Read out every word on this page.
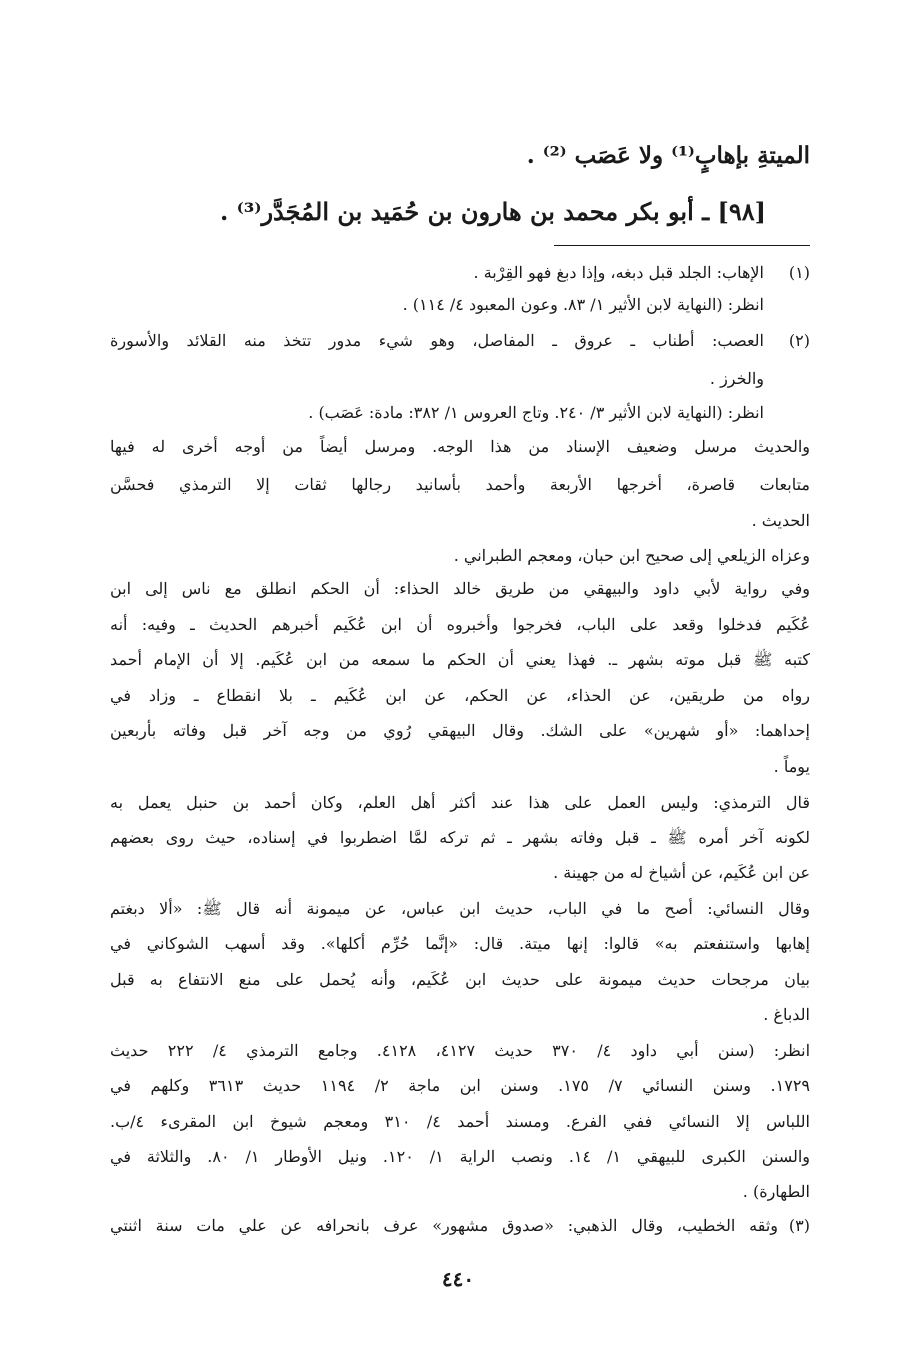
الميتةِ بإهابٍ⁽¹⁾ ولا عَصَب ⁽²⁾ .
[٩٨] ـ أبو بكر محمد بن هارون بن حُمَيد بن المُجَدَّر⁽³⁾ .
(١)
الإهاب: الجلد قبل دبغه، وإذا دبغ فهو القِرْبة .
انظر: (النهاية لابن الأثير ١/ ٨٣. وعون المعبود ٤/ ١١٤) .
(٢)
العصب: أطناب ـ عروق ـ المفاصل، وهو شيء مدور تتخذ منه القلائد والأسورة
والخرز .
انظر: (النهاية لابن الأثير ٣/ ٢٤٠. وتاج العروس ١/ ٣٨٢: مادة: عَصَب) .
والحديث مرسل وضعيف الإسناد من هذا الوجه. ومرسل أيضاً من أوجه أخرى له فيها
متابعات قاصرة، أخرجها الأربعة وأحمد بأسانيد رجالها ثقات إلا الترمذي فحسَّن
الحديث .
وعزاه الزيلعي إلى صحيح ابن حبان، ومعجم الطبراني .
وفي رواية لأبي داود والبيهقي من طريق خالد الحذاء: أن الحكم انطلق مع ناس إلى ابن
عُكَيم فدخلوا وقعد على الباب، فخرجوا وأخبروه أن ابن عُكَيم أخبرهم الحديث ـ وفيه: أنه
كتبه ﷺ قبل موته بشهر ـ. فهذا يعني أن الحكم ما سمعه من ابن عُكَيم. إلا أن الإمام أحمد
رواه من طريقين، عن الحذاء، عن الحكم، عن ابن عُكَيم ـ بلا انقطاع ـ وزاد في
إحداهما: «أو شهرين» على الشك. وقال البيهقي رُوي من وجه آخر قبل وفاته بأربعين
يوماً .
قال الترمذي: وليس العمل على هذا عند أكثر أهل العلم، وكان أحمد بن حنبل يعمل به
لكونه آخر أمره ﷺ ـ قبل وفاته بشهر ـ ثم تركه لمَّا اضطربوا في إسناده، حيث روى بعضهم
عن ابن عُكَيم، عن أشياخ له من جهينة .
وقال النسائي: أصح ما في الباب، حديث ابن عباس، عن ميمونة أنه قال ﷺ: «ألا دبغتم
إهابها واستنفعتم به» قالوا: إنها ميتة. قال: «إنَّما حُرِّم أكلها». وقد أسهب الشوكاني في
بيان مرجحات حديث ميمونة على حديث ابن عُكَيم، وأنه يُحمل على منع الانتفاع به قبل
الدباغ .
انظر: (سنن أبي داود ٤/ ٣٧٠ حديث ٤١٢٧، ٤١٢٨. وجامع الترمذي ٤/ ٢٢٢ حديث
١٧٢٩. وسنن النسائي ٧/ ١٧٥. وسنن ابن ماجة ٢/ ١١٩٤ حديث ٣٦١٣ وكلهم في
اللباس إلا النسائي ففي الفرع. ومسند أحمد ٤/ ٣١٠ ومعجم شيوخ ابن المقرىء ٤/ب.
والسنن الكبرى للبيهقي ١/ ١٤. ونصب الراية ١/ ١٢٠. ونيل الأوطار ١/ ٨٠. والثلاثة في
الطهارة) .
(٣)
وثقه الخطيب، وقال الذهبي: «صدوق مشهور» عرف بانحرافه عن علي مات سنة اثنتي
٤٤٠
